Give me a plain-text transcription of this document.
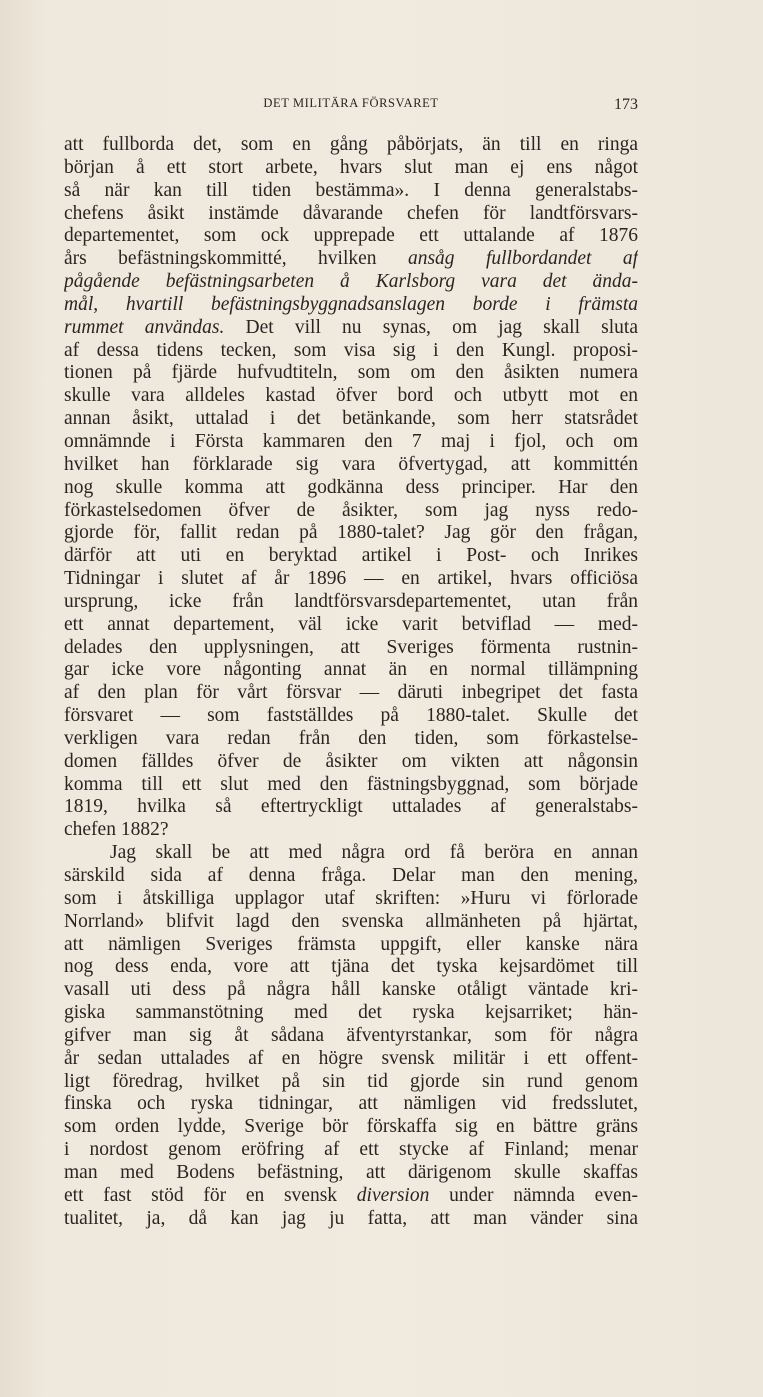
DET MILITÄRA FÖRSVARET	173
att fullborda det, som en gång påbörjats, än till en ringa
början å ett stort arbete, hvars slut man ej ens något
så när kan till tiden bestämma». I denna generalstabs-
chefens åsikt instämde dåvarande chefen för landtförsvars-
departementet, som ock upprepade ett uttalande af 1876
års befästningskommitté, hvilken ansåg fullbordandet af
pågående befästningsarbeten å Karlsborg vara det ända-
mål, hvartill befästningsbyggnadsanslagen borde i främsta
rummet användas. Det vill nu synas, om jag skall sluta
af dessa tidens tecken, som visa sig i den Kungl. proposi-
tionen på fjärde hufvudtiteln, som om den åsikten numera
skulle vara alldeles kastad öfver bord och utbytt mot en
annan åsikt, uttalad i det betänkande, som herr statsrådet
omnämnde i Första kammaren den 7 maj i fjol, och om
hvilket han förklarade sig vara öfvertygad, att kommittén
nog skulle komma att godkänna dess principer. Har den
förkastelsedomen öfver de åsikter, som jag nyss redo-
gjorde för, fallit redan på 1880-talet? Jag gör den frågan,
därför att uti en beryktad artikel i Post- och Inrikes
Tidningar i slutet af år 1896 — en artikel, hvars officiösa
ursprung, icke från landtförsvarsdepartementet, utan från
ett annat departement, väl icke varit betviflad — med-
delades den upplysningen, att Sveriges förmenta rustnin-
gar icke vore någonting annat än en normal tillämpning
af den plan för vårt försvar — däruti inbegripet det fasta
försvaret — som fastställdes på 1880-talet. Skulle det
verkligen vara redan från den tiden, som förkastelse-
domen fälldes öfver de åsikter om vikten att någonsin
komma till ett slut med den fästningsbyggnad, som började
1819, hvilka så eftertryckligt uttalades af generalstabs-
chefen 1882?
Jag skall be att med några ord få beröra en annan
särskild sida af denna fråga. Delar man den mening,
som i åtskilliga upplagor utaf skriften: »Huru vi förlorade
Norrland» blifvit lagd den svenska allmänheten på hjärtat,
att nämligen Sveriges främsta uppgift, eller kanske nära
nog dess enda, vore att tjäna det tyska kejsardömet till
vasall uti dess på några håll kanske otåligt väntade kri-
giska sammanstötning med det ryska kejsarriket; hän-
gifver man sig åt sådana äfventyrstankar, som för några
år sedan uttalades af en högre svensk militär i ett offent-
ligt föredrag, hvilket på sin tid gjorde sin rund genom
finska och ryska tidningar, att nämligen vid fredsslutet,
som orden lydde, Sverige bör förskaffa sig en bättre gräns
i nordost genom eröfring af ett stycke af Finland; menar
man med Bodens befästning, att därigenom skulle skaffas
ett fast stöd för en svensk diversion under nämnda even-
tualitet, ja, då kan jag ju fatta, att man vänder sina
